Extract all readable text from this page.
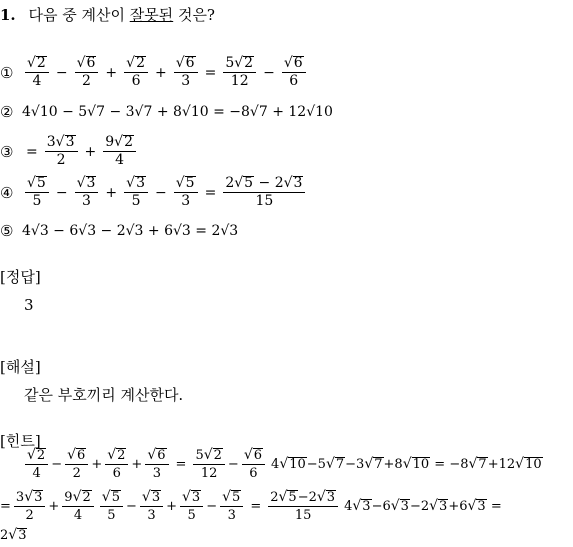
1. 다음 중 계산이 잘못된 것은?
①
√ 2
4
− $\frac{√ 6}{2} + \frac{√ 2}{6} + \frac{√ 6}{3} = \frac{5 √ 2}{12} - \frac{√ 6}{6}$
② 4√10 − 5√7 − 3√7 + 8√10 = −8√7 + 12√10
③ = $\frac{3 √ 3}{2} + \frac{9 √ 2}{4}$
④
√ 5
5
− $\frac{√ 3}{3} + \frac{√ 3}{5} - \frac{√ 5}{3} = \frac{2 √ 5 - 2 √ 3}{15}$
⑤ 4√3 − 6√3 − 2√3 + 6√3 = 2√3
[정답]
3
[해설]
같은 부호끼리 계산한다.
[힌트]
√ 2
4
−
√ 6
2
+
√ 2
6
+ $\frac{√ 6}{3} = \frac{5 √ 2}{12}$ −
√ 6
6
4 √ 10 −5 √ 7 −3 √ 7 +8 √ 10 = −8 √ 7 +12 √ 10
= $\frac{3 √ 3}{2}$ +
9 √ 2
4
√ 5
5
−
√ 3
3
+
√ 3
5
− $\frac{√ 5}{3} = \frac{2 √ 5 -2 √ 3}{15} 4$ √ 3 −6 √ 3 −2 √ 3 +6 √ 3 =
2 √ 3
